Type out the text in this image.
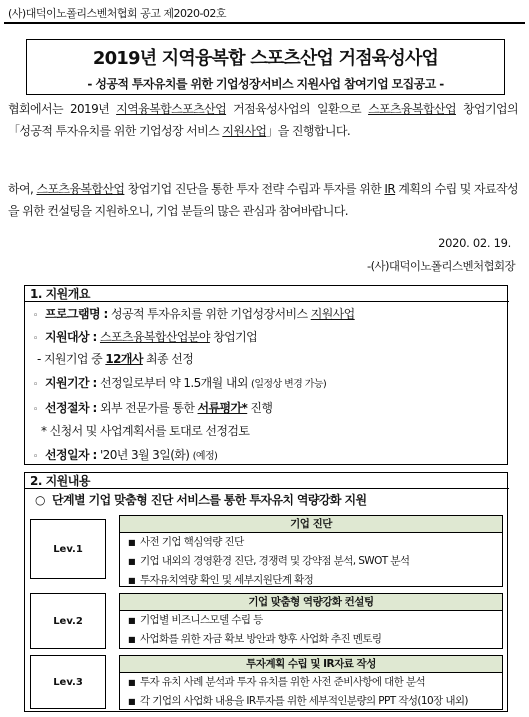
(사)대덕이노폴리스벤처협회 공고 제2020-02호
2019년 지역융복합 스포츠산업 거점육성사업
- 성공적 투자유치를 위한 기업성장서비스 지원사업 참여기업 모집공고 -
협회에서는 2019년 지역융복합스포츠산업 거점육성사업의 일환으로 스포츠융복합산업 창업기업의 「성공적 투자유치를 위한 기업성장 서비스 지원사업」을 진행합니다.
하여, 스포츠융복합산업 창업기업 진단을 통한 투자 전략 수립과 투자를 위한 IR 계획의 수립 및 자료작성을 위한 컨설팅을 지원하오니, 기업 분들의 많은 관심과 참여바랍니다.
2020. 02. 19.
-(사)대덕이노폴리스벤처협회장
1. 지원개요
◦ 프로그램명 : 성공적 투자유치를 위한 기업성장서비스 지원사업
◦ 지원대상 : 스포츠융복합산업분야 창업기업
- 지원기업 중 12개사 최종 선정
◦ 지원기간 : 선정일로부터 약 1.5개월 내외 (일정상 변경 가능)
◦ 선정절차 : 외부 전문가를 통한 서류평가* 진행
* 신청서 및 사업계획서를 토대로 선정검토
◦ 선정일자 : '20년 3월 3일(화) (예정)
2. 지원내용
○ 단계별 기업 맞춤형 진단 서비스를 통한 투자유치 역량강화 지원
Lev.1
기업 진단
■ 사전 기업 핵심역량 진단
■ 기업 내외의 경영환경 진단, 경쟁력 및 강약점 분석, SWOT 분석
■ 투자유치역량 확인 및 세부지원단계 확정
Lev.2
기업 맞춤형 역량강화 컨설팅
■ 기업별 비즈니스모델 수립 등
■ 사업화를 위한 자금 확보 방안과 향후 사업화 추진 멘토링
Lev.3
투자계획 수립 및 IR자료 작성
■ 투자 유치 사례 분석과 투자 유치를 위한 사전 준비사항에 대한 분석
■ 각 기업의 사업화 내용을 IR투자를 위한 세부적인분량의 PPT 작성(10장 내외)
